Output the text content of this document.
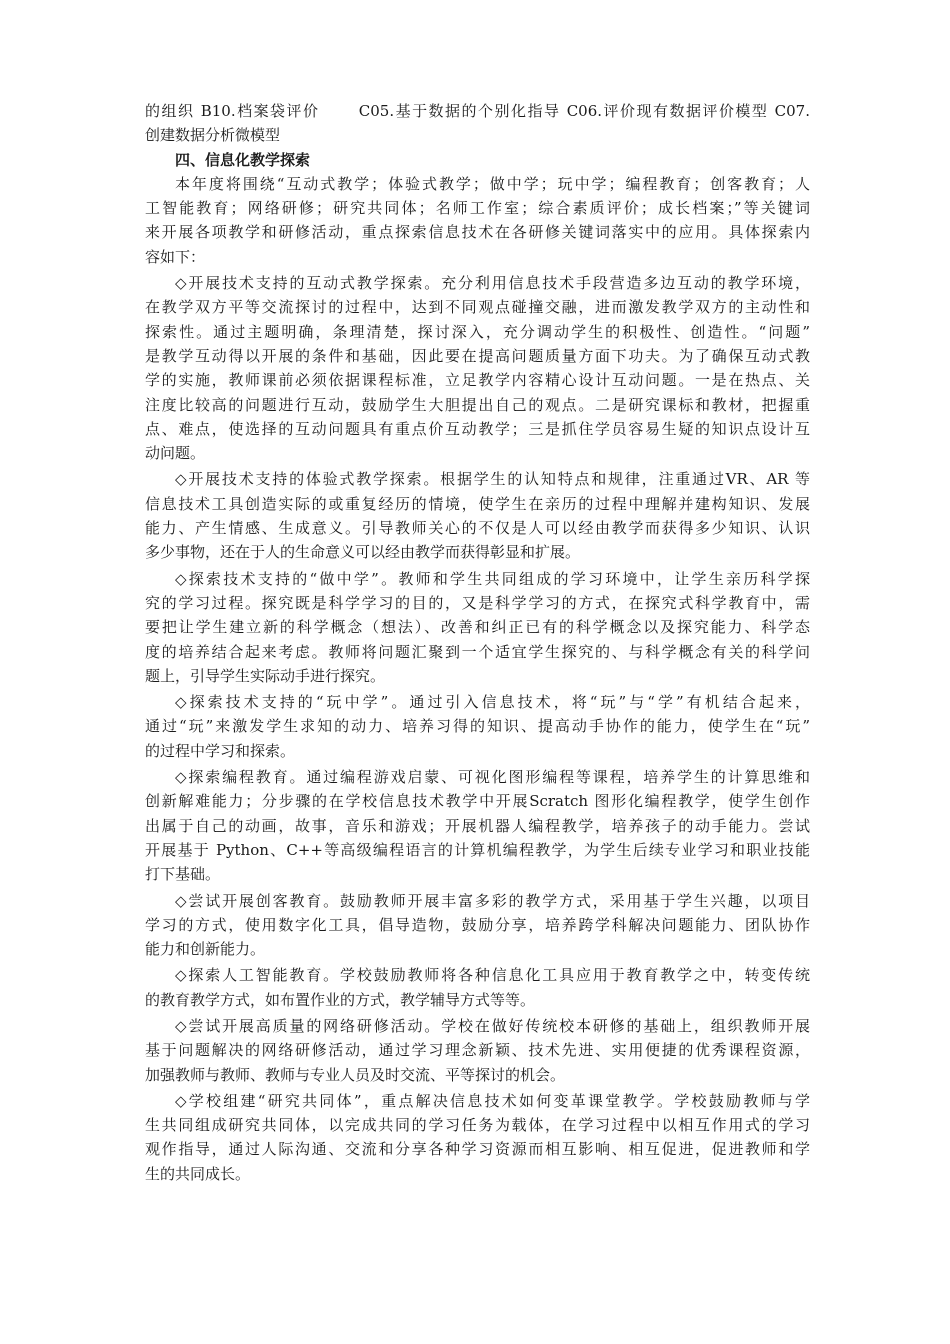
的组织 B10.档案袋评价　　 C05.基于数据的个别化指导 C06.评价现有数据评价模型 C07.
创建数据分析微模型
四、信息化教学探索
本年度将围绕“互动式教学；体验式教学；做中学；玩中学；编程教育；创客教育；人
工智能教育；网络研修；研究共同体；名师工作室；综合素质评价；成长档案；”等关键词
来开展各项教学和研修活动，重点探索信息技术在各研修关键词落实中的应用。具体探索内
容如下：
◇开展技术支持的互动式教学探索。充分利用信息技术手段营造多边互动的教学环境，
在教学双方平等交流探讨的过程中，达到不同观点碰撞交融，进而激发教学双方的主动性和
探索性。通过主题明确，条理清楚，探讨深入，充分调动学生的积极性、创造性。“问题”
是教学互动得以开展的条件和基础，因此要在提高问题质量方面下功夫。为了确保互动式教
学的实施，教师课前必须依据课程标准，立足教学内容精心设计互动问题。一是在热点、关
注度比较高的问题进行互动，鼓励学生大胆提出自己的观点。二是研究课标和教材，把握重
点、难点，使选择的互动问题具有重点价互动教学；三是抓住学员容易生疑的知识点设计互
动问题。
◇开展技术支持的体验式教学探索。根据学生的认知特点和规律，注重通过VR、AR 等
信息技术工具创造实际的或重复经历的情境，使学生在亲历的过程中理解并建构知识、发展
能力、产生情感、生成意义。引导教师关心的不仅是人可以经由教学而获得多少知识、认识
多少事物，还在于人的生命意义可以经由教学而获得彰显和扩展。
◇探索技术支持的“做中学”。教师和学生共同组成的学习环境中，让学生亲历科学探
究的学习过程。探究既是科学学习的目的，又是科学学习的方式，在探究式科学教育中，需
要把让学生建立新的科学概念（想法）、改善和纠正已有的科学概念以及探究能力、科学态
度的培养结合起来考虑。教师将问题汇聚到一个适宜学生探究的、与科学概念有关的科学问
题上，引导学生实际动手进行探究。
◇探索技术支持的“玩中学”。通过引入信息技术，将“玩”与“学”有机结合起来，
通过“玩”来激发学生求知的动力、培养习得的知识、提高动手协作的能力，使学生在“玩”
的过程中学习和探索。
◇探索编程教育。通过编程游戏启蒙、可视化图形编程等课程，培养学生的计算思维和
创新解难能力；分步骤的在学校信息技术教学中开展Scratch 图形化编程教学，使学生创作
出属于自己的动画，故事，音乐和游戏；开展机器人编程教学，培养孩子的动手能力。尝试
开展基于 Python、C++等高级编程语言的计算机编程教学，为学生后续专业学习和职业技能
打下基础。
◇尝试开展创客教育。鼓励教师开展丰富多彩的教学方式，采用基于学生兴趣，以项目
学习的方式，使用数字化工具，倡导造物，鼓励分享，培养跨学科解决问题能力、团队协作
能力和创新能力。
◇探索人工智能教育。学校鼓励教师将各种信息化工具应用于教育教学之中，转变传统
的教育教学方式，如布置作业的方式，教学辅导方式等等。
◇尝试开展高质量的网络研修活动。学校在做好传统校本研修的基础上，组织教师开展
基于问题解决的网络研修活动，通过学习理念新颖、技术先进、实用便捷的优秀课程资源，
加强教师与教师、教师与专业人员及时交流、平等探讨的机会。
◇学校组建“研究共同体”，重点解决信息技术如何变革课堂教学。学校鼓励教师与学
生共同组成研究共同体，以完成共同的学习任务为载体，在学习过程中以相互作用式的学习
观作指导，通过人际沟通、交流和分享各种学习资源而相互影响、相互促进，促进教师和学
生的共同成长。
